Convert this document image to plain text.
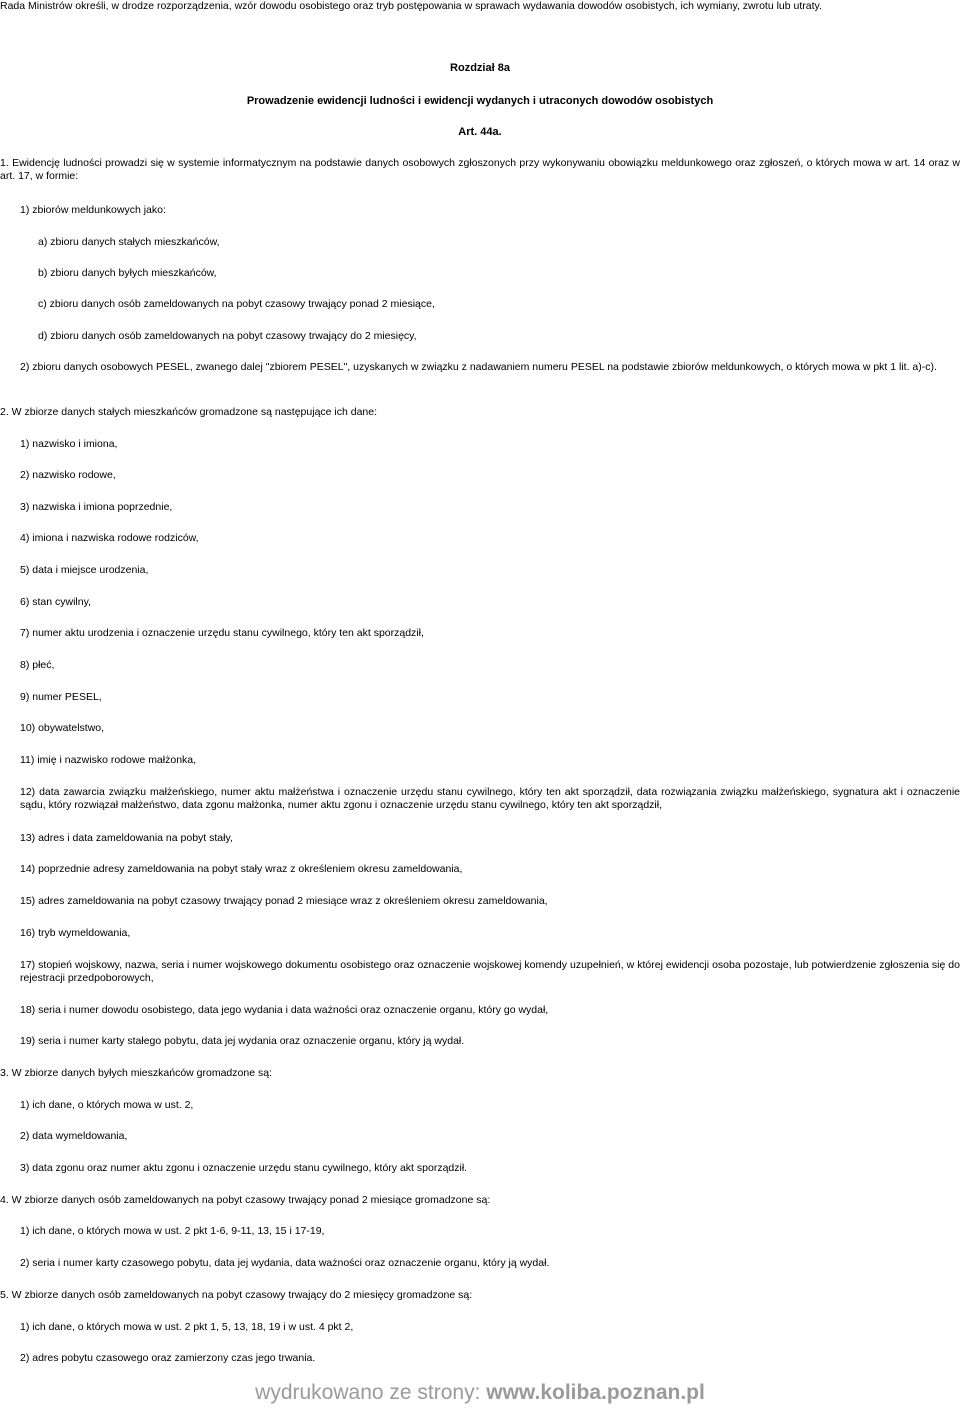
Rada Ministrów określi, w drodze rozporządzenia, wzór dowodu osobistego oraz tryb postępowania w sprawach wydawania dowodów osobistych, ich wymiany, zwrotu lub utraty.
Rozdział 8a
Prowadzenie ewidencji ludności i ewidencji wydanych i utraconych dowodów osobistych
Art. 44a.
1. Ewidencję ludności prowadzi się w systemie informatycznym na podstawie danych osobowych zgłoszonych przy wykonywaniu obowiązku meldunkowego oraz zgłoszeń, o których mowa w art. 14 oraz w art. 17, w formie:
1) zbiorów meldunkowych jako:
a) zbioru danych stałych mieszkańców,
b) zbioru danych byłych mieszkańców,
c) zbioru danych osób zameldowanych na pobyt czasowy trwający ponad 2 miesiące,
d) zbioru danych osób zameldowanych na pobyt czasowy trwający do 2 miesięcy,
2) zbioru danych osobowych PESEL, zwanego dalej "zbiorem PESEL", uzyskanych w związku z nadawaniem numeru PESEL na podstawie zbiorów meldunkowych, o których mowa w pkt 1 lit. a)-c).
2. W zbiorze danych stałych mieszkańców gromadzone są następujące ich dane:
1) nazwisko i imiona,
2) nazwisko rodowe,
3) nazwiska i imiona poprzednie,
4) imiona i nazwiska rodowe rodziców,
5) data i miejsce urodzenia,
6) stan cywilny,
7) numer aktu urodzenia i oznaczenie urzędu stanu cywilnego, który ten akt sporządził,
8) płeć,
9) numer PESEL,
10) obywatelstwo,
11) imię i nazwisko rodowe małżonka,
12) data zawarcia związku małżeńskiego, numer aktu małżeństwa i oznaczenie urzędu stanu cywilnego, który ten akt sporządził, data rozwiązania związku małżeńskiego, sygnatura akt i oznaczenie sądu, który rozwiązał małżeństwo, data zgonu małżonka, numer aktu zgonu i oznaczenie urzędu stanu cywilnego, który ten akt sporządził,
13) adres i data zameldowania na pobyt stały,
14) poprzednie adresy zameldowania na pobyt stały wraz z określeniem okresu zameldowania,
15) adres zameldowania na pobyt czasowy trwający ponad 2 miesiące wraz z określeniem okresu zameldowania,
16) tryb wymeldowania,
17) stopień wojskowy, nazwa, seria i numer wojskowego dokumentu osobistego oraz oznaczenie wojskowej komendy uzupełnień, w której ewidencji osoba pozostaje, lub potwierdzenie zgłoszenia się do rejestracji przedpoborowych,
18) seria i numer dowodu osobistego, data jego wydania i data ważności oraz oznaczenie organu, który go wydał,
19) seria i numer karty stałego pobytu, data jej wydania oraz oznaczenie organu, który ją wydał.
3. W zbiorze danych byłych mieszkańców gromadzone są:
1) ich dane, o których mowa w ust. 2,
2) data wymeldowania,
3) data zgonu oraz numer aktu zgonu i oznaczenie urzędu stanu cywilnego, który akt sporządził.
4. W zbiorze danych osób zameldowanych na pobyt czasowy trwający ponad 2 miesiące gromadzone są:
1) ich dane, o których mowa w ust. 2 pkt 1-6, 9-11, 13, 15 i 17-19,
2) seria i numer karty czasowego pobytu, data jej wydania, data ważności oraz oznaczenie organu, który ją wydał.
5. W zbiorze danych osób zameldowanych na pobyt czasowy trwający do 2 miesięcy gromadzone są:
1) ich dane, o których mowa w ust. 2 pkt 1, 5, 13, 18, 19 i w ust. 4 pkt 2,
2) adres pobytu czasowego oraz zamierzony czas jego trwania.
wydrukowano ze strony: www.koliba.poznan.pl
